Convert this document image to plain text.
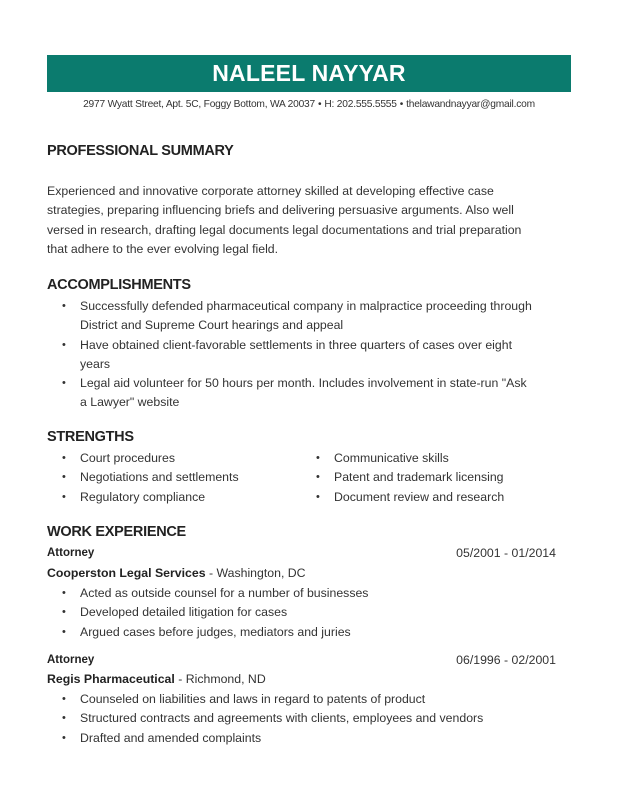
NALEEL NAYYAR
2977 Wyatt Street, Apt. 5C, Foggy Bottom, WA 20037 • H: 202.555.5555 • thelawandnayyar@gmail.com
PROFESSIONAL SUMMARY
Experienced and innovative corporate attorney skilled at developing effective case
strategies, preparing influencing briefs and delivering persuasive arguments. Also well
versed in research, drafting legal documents legal documentations and trial preparation
that adhere to the ever evolving legal field.
ACCOMPLISHMENTS
• Successfully defended pharmaceutical company in malpractice proceeding through
District and Supreme Court hearings and appeal
• Have obtained client-favorable settlements in three quarters of cases over eight
years
• Legal aid volunteer for 50 hours per month. Includes involvement in state-run "Ask
a Lawyer" website
STRENGTHS
• Court procedures
• Negotiations and settlements
• Regulatory compliance
• Communicative skills
• Patent and trademark licensing
• Document review and research
WORK EXPERIENCE
Attorney	05/2001 - 01/2014
Cooperston Legal Services - Washington, DC
• Acted as outside counsel for a number of businesses
• Developed detailed litigation for cases
• Argued cases before judges, mediators and juries
Attorney	06/1996 - 02/2001
Regis Pharmaceutical - Richmond, ND
• Counseled on liabilities and laws in regard to patents of product
• Structured contracts and agreements with clients, employees and vendors
• Drafted and amended complaints
